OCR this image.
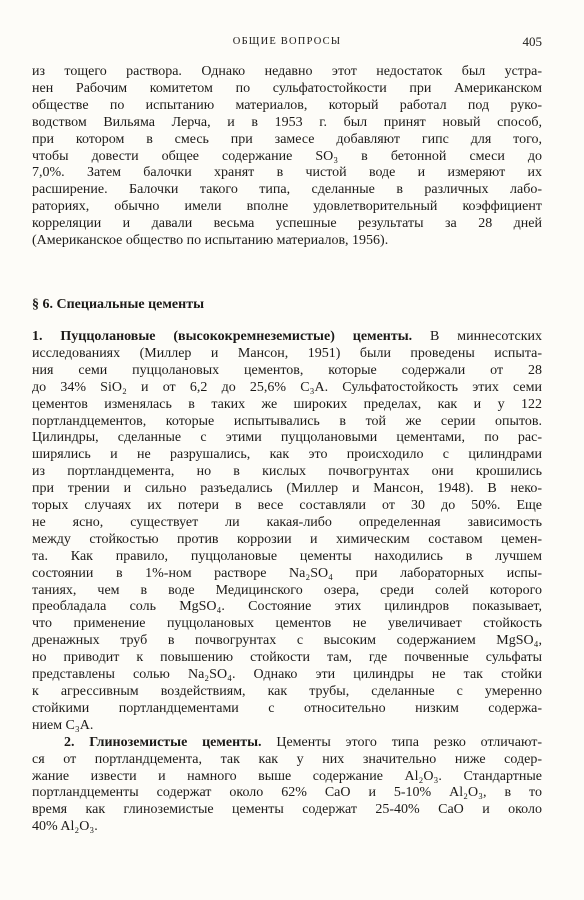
ОБЩИЕ ВОПРОСЫ	405
из тощего раствора. Однако недавно этот недостаток был устра-
нен Рабочим комитетом по сульфатостойкости при Американском
обществе по испытанию материалов, который работал под руко-
водством Вильяма Лерча, и в 1953 г. был принят новый способ,
при котором в смесь при замесе добавляют гипс для того,
чтобы довести общее содержание SO₃ в бетонной смеси до
7,0%. Затем балочки хранят в чистой воде и измеряют их
расширение. Балочки такого типа, сделанные в различных лабо-
раториях, обычно имели вполне удовлетворительный коэффициент
корреляции и давали весьма успешные результаты за 28 дней
(Американское общество по испытанию материалов, 1956).
§ 6. Специальные цементы
1. Пуццолановые (высококремнеземистые) цементы. В миннесотских
исследованиях (Миллер и Мансон, 1951) были проведены испыта-
ния семи пуццолановых цементов, которые содержали от 28
до 34% SiO₂ и от 6,2 до 25,6% C₃A. Сульфатостойкость этих семи
цементов изменялась в таких же широких пределах, как и у 122
портландцементов, которые испытывались в той же серии опытов.
Цилиндры, сделанные с этими пуццолановыми цементами, по рас-
ширялись и не разрушались, как это происходило с цилиндрами
из портландцемента, но в кислых почвогрунтах они крошились
при трении и сильно разъедались (Миллер и Мансон, 1948). В неко-
торых случаях их потери в весе составляли от 30 до 50%. Еще
не ясно, существует ли какая-либо определенная зависимость
между стойкостью против коррозии и химическим составом цемен-
та. Как правило, пуццолановые цементы находились в лучшем
состоянии в 1%-ном растворе Na₂SO₄ при лабораторных испы-
таниях, чем в воде Медицинского озера, среди солей которого
преобладала соль MgSO₄. Состояние этих цилиндров показывает,
что применение пуццолановых цементов не увеличивает стойкость
дренажных труб в почвогрунтах с высоким содержанием MgSO₄,
но приводит к повышению стойкости там, где почвенные сульфаты
представлены солью Na₂SO₄. Однако эти цилиндры не так стойки
к агрессивным воздействиям, как трубы, сделанные с умеренно
стойкими портландцементами с относительно низким содержа-
нием C₃A.
2. Глиноземистые цементы. Цементы этого типа резко отличают-
ся от портландцемента, так как у них значительно ниже содер-
жание извести и намного выше содержание Al₂O₃. Стандартные
портландцементы содержат около 62% CaO и 5-10% Al₂O₃, в то
время как глиноземистые цементы содержат 25-40% CaO и около
40% Al₂O₃.
